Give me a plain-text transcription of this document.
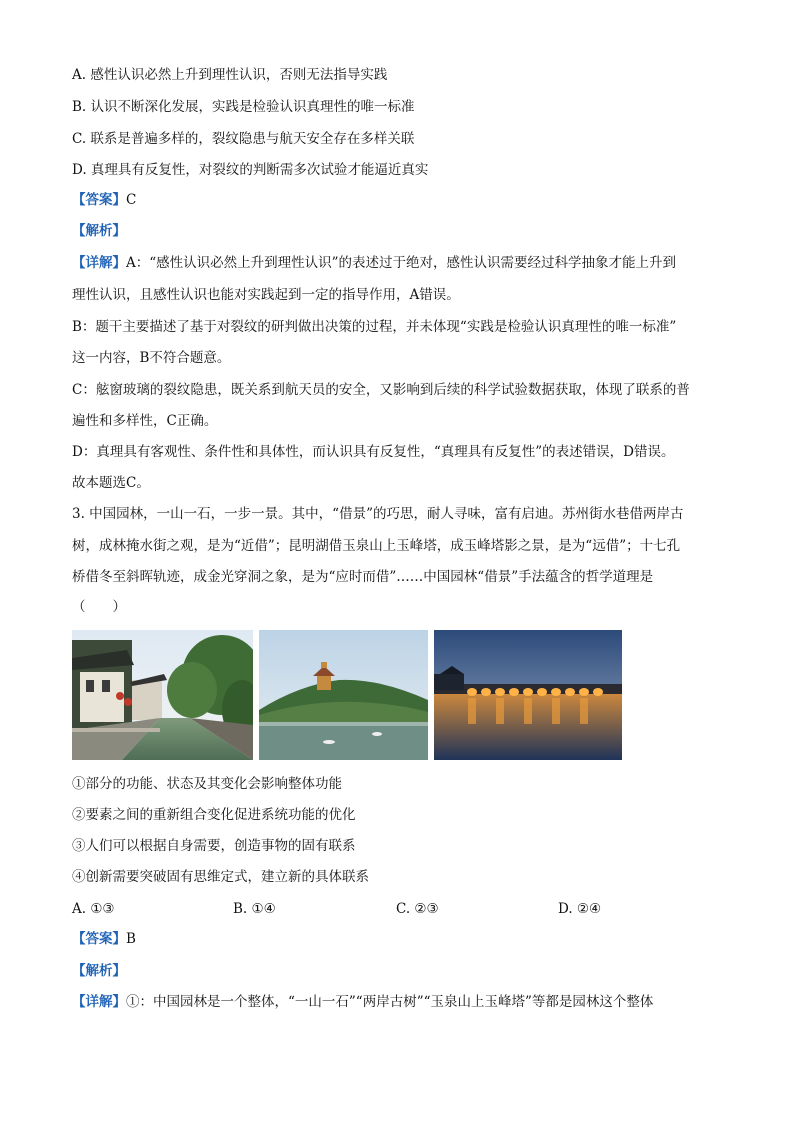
A. 感性认识必然上升到理性认识，否则无法指导实践
B. 认识不断深化发展，实践是检验认识真理性的唯一标准
C. 联系是普遍多样的，裂纹隐患与航天安全存在多样关联
D. 真理具有反复性，对裂纹的判断需多次试验才能逼近真实
【答案】C
【解析】
【详解】A：“感性认识必然上升到理性认识”的表述过于绝对，感性认识需要经过科学抽象才能上升到
理性认识，且感性认识也能对实践起到一定的指导作用，A错误。
B：题干主要描述了基于对裂纹的研判做出决策的过程，并未体现“实践是检验认识真理性的唯一标准”
这一内容，B不符合题意。
C：舷窗玻璃的裂纹隐患，既关系到航天员的安全，又影响到后续的科学试验数据获取，体现了联系的普
遍性和多样性，C正确。
D：真理具有客观性、条件性和具体性，而认识具有反复性，“真理具有反复性”的表述错误，D错误。
故本题选C。
3. 中国园林，一山一石，一步一景。其中，“借景”的巧思，耐人寻味，富有启迪。苏州街水巷借两岸古
树，成林掩水街之观，是为“近借”；昆明湖借玉泉山上玉峰塔，成玉峰塔影之景，是为“远借”；十七孔
桥借冬至斜晖轨迹，成金光穿洞之象，是为“应时而借”……中国园林“借景”手法蕴含的哲学道理是
（　　）
①部分的功能、状态及其变化会影响整体功能
②要素之间的重新组合变化促进系统功能的优化
③人们可以根据自身需要，创造事物的固有联系
④创新需要突破固有思维定式，建立新的具体联系
A. ①③	B. ①④	C. ②③	D. ②④
【答案】B
【解析】
【详解】①：中国园林是一个整体，“一山一石”“两岸古树”“玉泉山上玉峰塔”等都是园林这个整体
